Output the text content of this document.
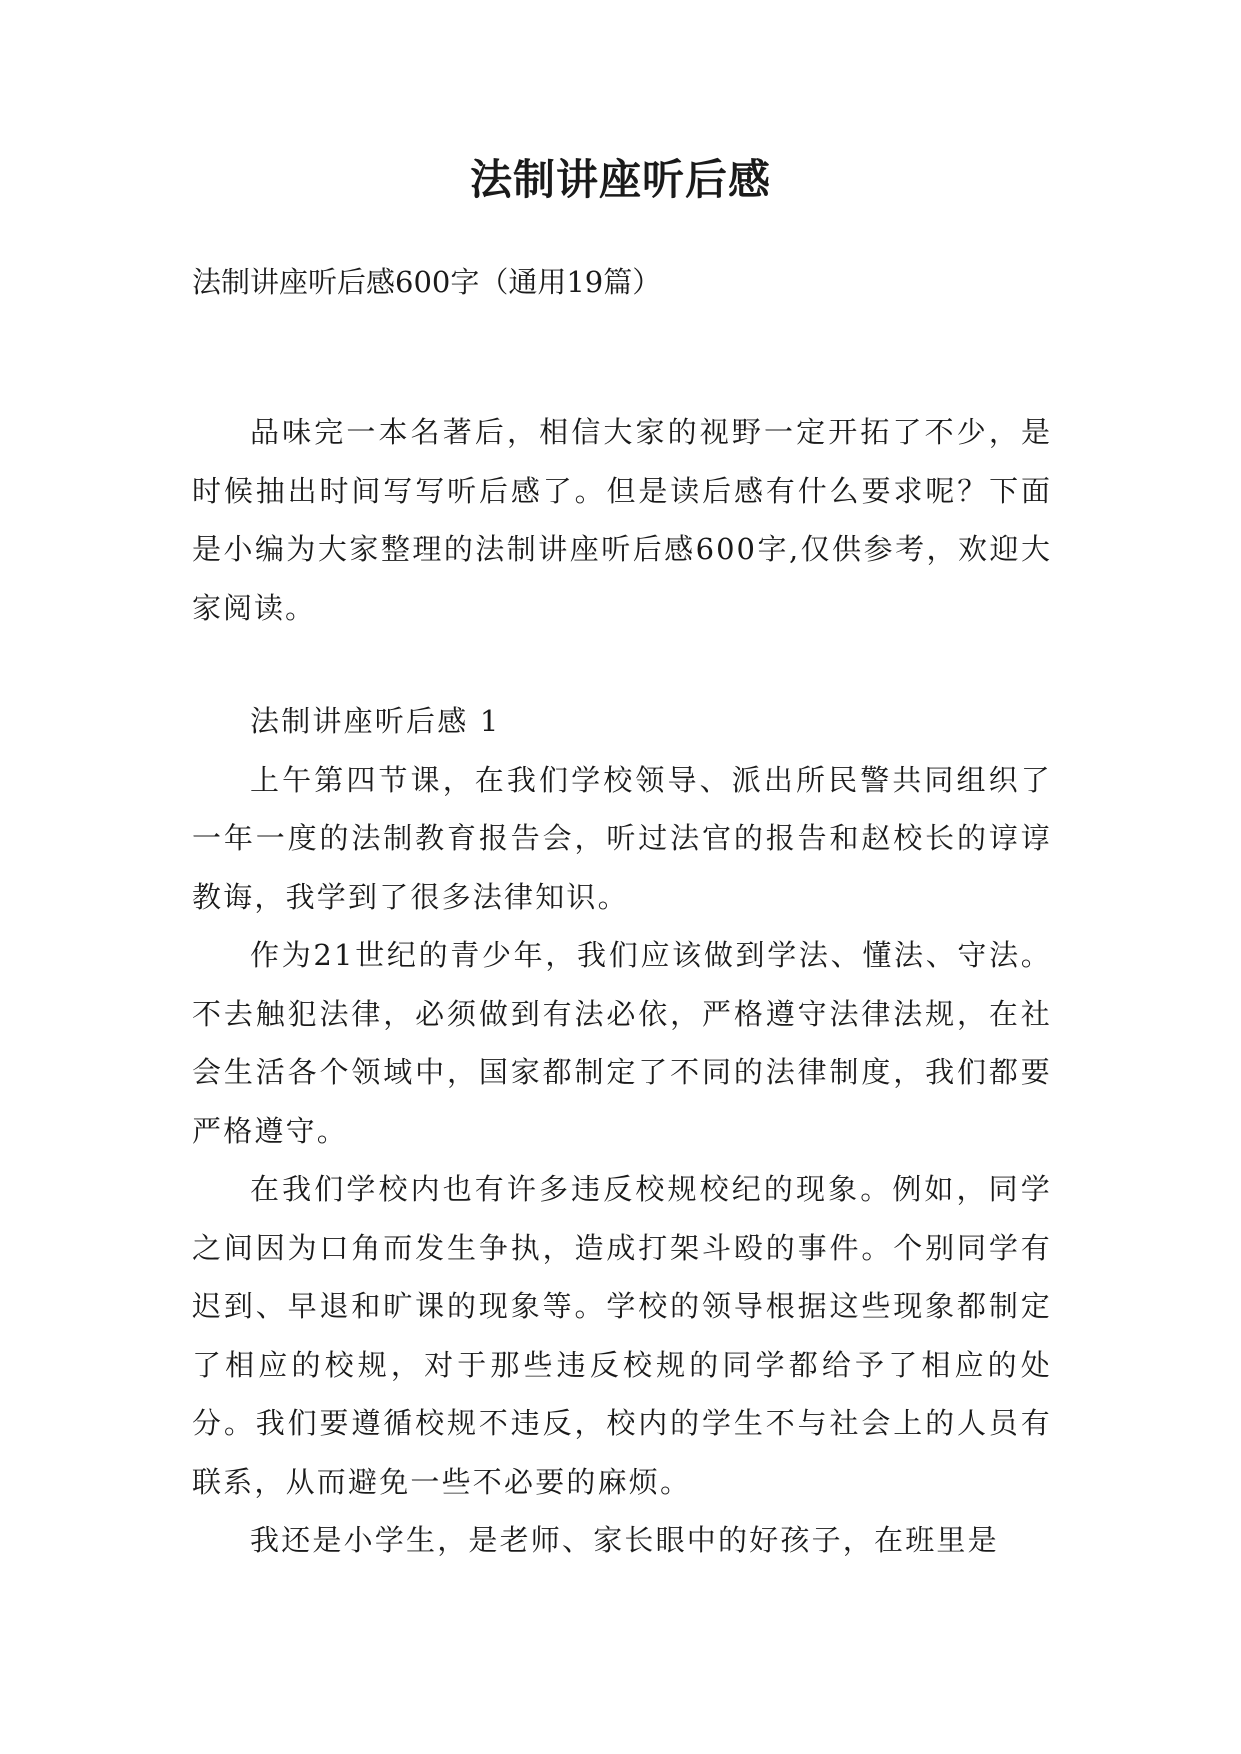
法制讲座听后感

法制讲座听后感600字（通用19篇）

品味完一本名著后，相信大家的视野一定开拓了不少，是时候抽出时间写写听后感了。但是读后感有什么要求呢？下面是小编为大家整理的法制讲座听后感600字,仅供参考，欢迎大家阅读。

法制讲座听后感 1

上午第四节课，在我们学校领导、派出所民警共同组织了一年一度的法制教育报告会，听过法官的报告和赵校长的谆谆教诲，我学到了很多法律知识。

作为21世纪的青少年，我们应该做到学法、懂法、守法。不去触犯法律，必须做到有法必依，严格遵守法律法规，在社会生活各个领域中，国家都制定了不同的法律制度，我们都要严格遵守。

在我们学校内也有许多违反校规校纪的现象。例如，同学之间因为口角而发生争执，造成打架斗殴的事件。个别同学有迟到、早退和旷课的现象等。学校的领导根据这些现象都制定了相应的校规，对于那些违反校规的同学都给予了相应的处分。我们要遵循校规不违反，校内的学生不与社会上的人员有联系，从而避免一些不必要的麻烦。

我还是小学生，是老师、家长眼中的好孩子，在班里是
